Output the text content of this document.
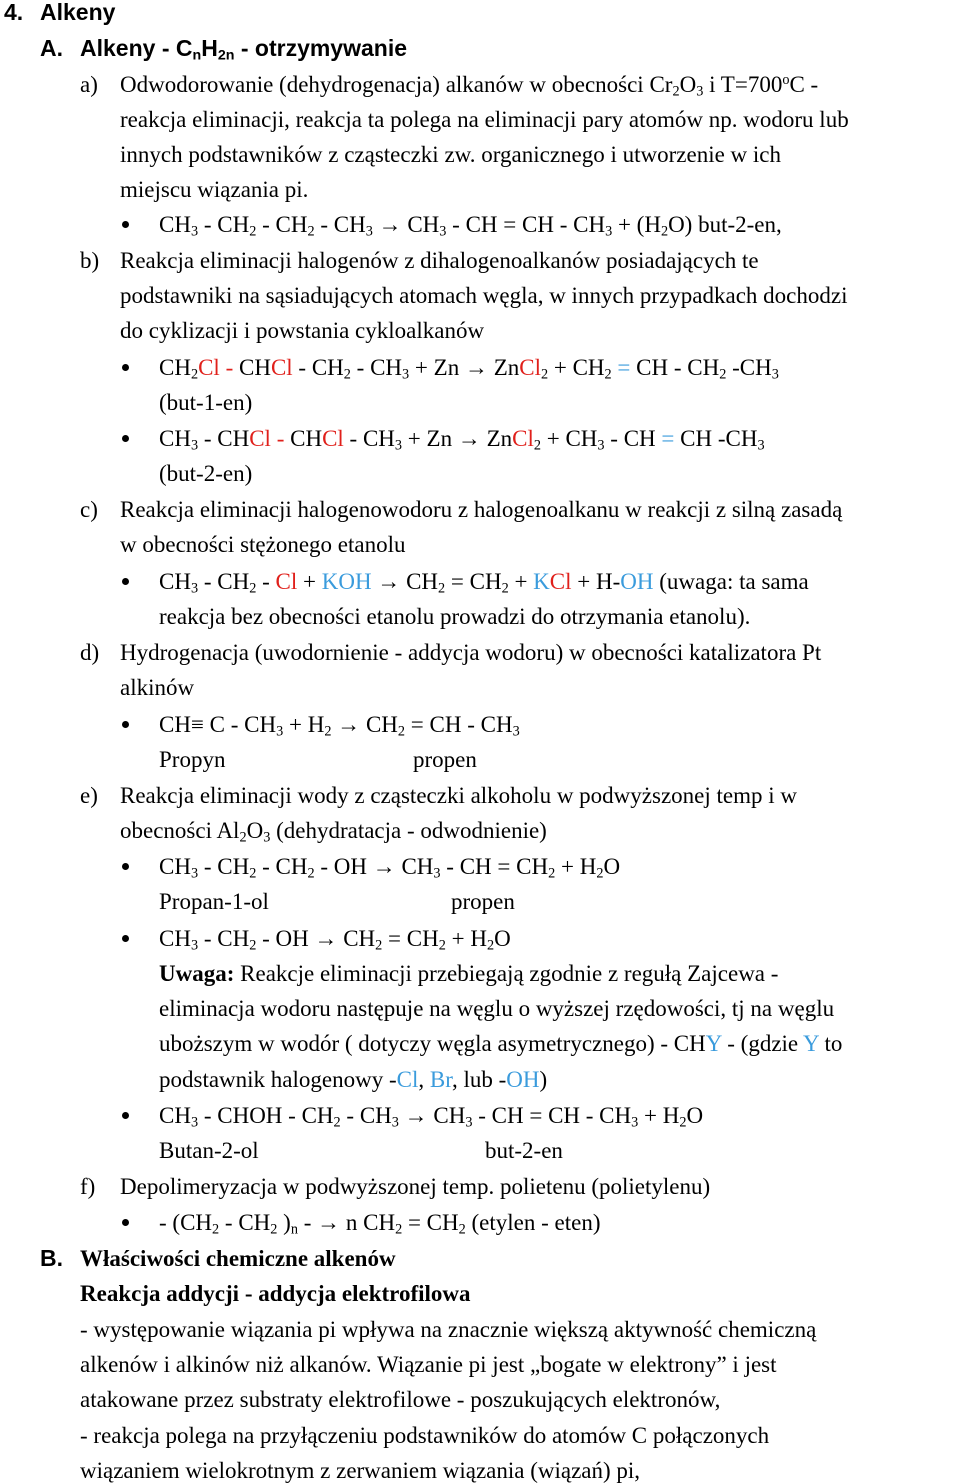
4. Alkeny
A. Alkeny - $C_nH_{2n}$ - otrzymywanie
a) Odwodorowanie (dehydrogenacja) alkanów w obecności $Cr_2O_3$ i $T=700^oC$ -
reakcja eliminacji, reakcja ta polega na eliminacji pary atomów np. wodoru lub
innych podstawników z cząsteczki zw. organicznego i utworzenie w ich
miejscu wiązania pi.
$CH_3 - CH_2 - CH_2 - CH_3 \to CH_3$ - CH = CH - $CH_3 + (H_2O)$ but-2-en,
b) Reakcja eliminacji halogenów z dihalogenoalkanów posiadających te
podstawniki na sąsiadujących atomach węgla, w innych przypadkach dochodzi
do cyklizacji i powstania cykloalkanów
$CH_2Cl$ - CHCl - $CH_2 - CH_3 + Zn$ → ZnCl$_2$ + $CH_2$ = CH - $CH_2$ $-CH_3$
(but-1-en)
$CH_3$ - CHCl - CHCl - $CH_3 + Zn$ → ZnCl$_2$ + $CH_3$ - CH = CH $-CH_3$
(but-2-en)
c) Reakcja eliminacji halogenowodoru z halogenoalkanu w reakcji z silną zasadą
w obecności stężonego etanolu
$CH_3 - CH_2$ - Cl + KOH → $CH_2 = CH_2$ + KCl + H-OH (uwaga: ta sama
reakcja bez obecności etanolu prowadzi do otrzymania etanolu).
d) Hydrogenacja (uwodornienie - addycja wodoru) w obecności katalizatora Pt
alkinów
$CH\equiv C - CH_3 + H_2 \to CH_2$ = CH - $CH_3$
Propyn	propen
e) Reakcja eliminacji wody z cząsteczki alkoholu w podwyższonej temp i w
obecności $Al_2O_3$ (dehydratacja - odwodnienie)
$CH_3 - CH_2 - CH_2$ - OH → $CH_3$ - CH = $CH_2 + H_2O$
Propan-1-ol	propen
$CH_3 - CH_2$ - OH → $CH_2 = CH_2 + H_2O$
Uwaga: Reakcje eliminacji przebiegają zgodnie z regułą Zajcewa -
eliminacja wodoru następuje na węglu o wyższej rzędowości, tj na węglu
uboższym w wodór ( dotyczy węgla asymetrycznego) - CHY - (gdzie Y to
podstawnik halogenowy -Cl, Br, lub -OH)
$CH_3$ - CHOH - $CH_2 - CH_3 \to CH_3$ - CH = CH - $CH_3 + H_2O$
Butan-2-ol	but-2-en
f) Depolimeryzacja w podwyższonej temp. polietenu (polietylenu)
- ($CH_2 - CH_2$ )$_n$ - → n $CH_2 = CH_2$ (etylen - eten)
B. Właściwości chemiczne alkenów
Reakcja addycji - addycja elektrofilowa
- występowanie wiązania pi wpływa na znacznie większą aktywność chemiczną
alkenów i alkinów niż alkanów. Wiązanie pi jest „bogate w elektrony” i jest
atakowane przez substraty elektrofilowe - poszukujących elektronów,
- reakcja polega na przyłączeniu podstawników do atomów C połączonych
wiązaniem wielokrotnym z zerwaniem wiązania (wiązań) pi,
